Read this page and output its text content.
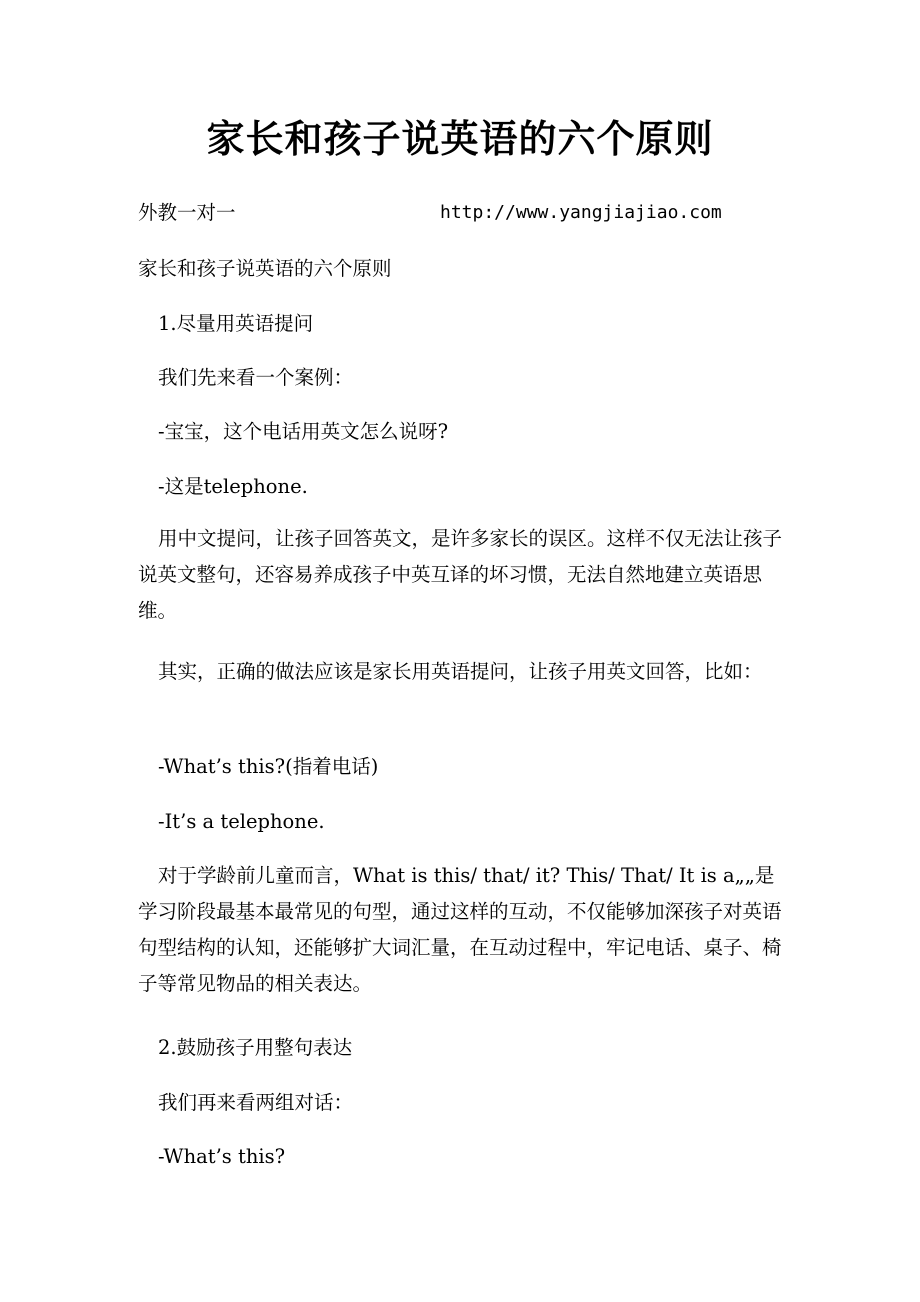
家长和孩子说英语的六个原则
外教一对一	http://www.yangjiajiao.com
家长和孩子说英语的六个原则
1.尽量用英语提问
我们先来看一个案例：
-宝宝，这个电话用英文怎么说呀?
-这是telephone.
用中文提问，让孩子回答英文，是许多家长的误区。这样不仅无法让孩子说英文整句，还容易养成孩子中英互译的坏习惯，无法自然地建立英语思维。
其实，正确的做法应该是家长用英语提问，让孩子用英文回答，比如：
-What’s this?(指着电话)
-It’s a telephone.
对于学龄前儿童而言，What is this/ that/ it? This/ That/ It is a„„是学习阶段最基本最常见的句型，通过这样的互动，不仅能够加深孩子对英语句型结构的认知，还能够扩大词汇量，在互动过程中，牢记电话、桌子、椅子等常见物品的相关表达。
2.鼓励孩子用整句表达
我们再来看两组对话：
-What’s this?
